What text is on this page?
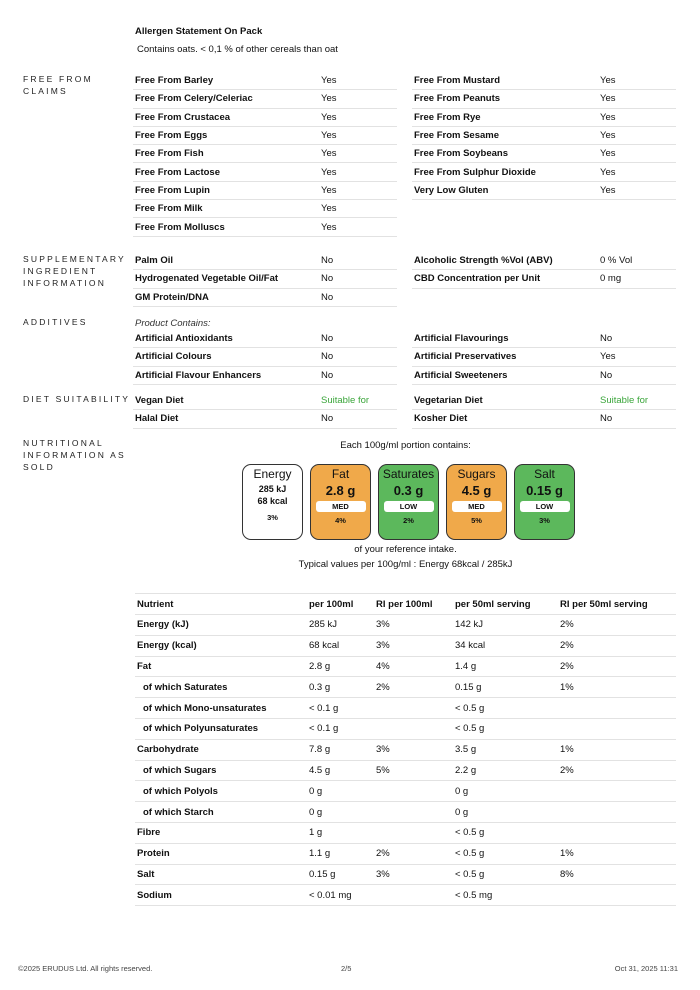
Allergen Statement On Pack
Contains oats. < 0,1 % of other cereals than oat
FREE FROM
CLAIMS
SUPPLEMENTARY
INGREDIENT
INFORMATION
ADDITIVES
DIET SUITABILITY
NUTRITIONAL
INFORMATION AS
SOLD
Free From Barley	Yes
Free From Celery/Celeriac	Yes
Free From Crustacea	Yes
Free From Eggs	Yes
Free From Fish	Yes
Free From Lactose	Yes
Free From Lupin	Yes
Free From Milk	Yes
Free From Molluscs	Yes
Free From Mustard	Yes
Free From Peanuts	Yes
Free From Rye	Yes
Free From Sesame	Yes
Free From Soybeans	Yes
Free From Sulphur Dioxide	Yes
Very Low Gluten	Yes
Palm Oil	No
Hydrogenated Vegetable Oil/Fat	No
GM Protein/DNA	No
Alcoholic Strength %Vol (ABV)	0 % Vol
CBD Concentration per Unit	0 mg
Product Contains:
Artificial Antioxidants	No
Artificial Colours	No
Artificial Flavour Enhancers	No
Artificial Flavourings	No
Artificial Preservatives	Yes
Artificial Sweeteners	No
Vegan Diet	Suitable for
Halal Diet	No
Vegetarian Diet	Suitable for
Kosher Diet	No
Each 100g/ml portion contains:
Energy
285 kJ
68 kcal
3%
Fat
2.8 g
MED
4%
Saturates
0.3 g
LOW
2%
Sugars
4.5 g
MED
5%
Salt
0.15 g
LOW
3%
of your reference intake.
Typical values per 100g/ml : Energy 68kcal / 285kJ
Nutrient	per 100ml	RI per 100ml	per 50ml serving	RI per 50ml serving
Energy (kJ)	285 kJ	3%	142 kJ	2%
Energy (kcal)	68 kcal	3%	34 kcal	2%
Fat	2.8 g	4%	1.4 g	2%
of which Saturates	0.3 g	2%	0.15 g	1%
of which Mono-unsaturates	< 0.1 g		< 0.5 g	
of which Polyunsaturates	< 0.1 g		< 0.5 g	
Carbohydrate	7.8 g	3%	3.5 g	1%
of which Sugars	4.5 g	5%	2.2 g	2%
of which Polyols	0 g		0 g	
of which Starch	0 g		0 g	
Fibre	1 g		< 0.5 g	
Protein	1.1 g	2%	< 0.5 g	1%
Salt	0.15 g	3%	< 0.5 g	8%
Sodium	< 0.01 mg		< 0.5 mg	
©2025 ERUDUS Ltd. All rights reserved.	2/5	Oct 31, 2025 11:31
